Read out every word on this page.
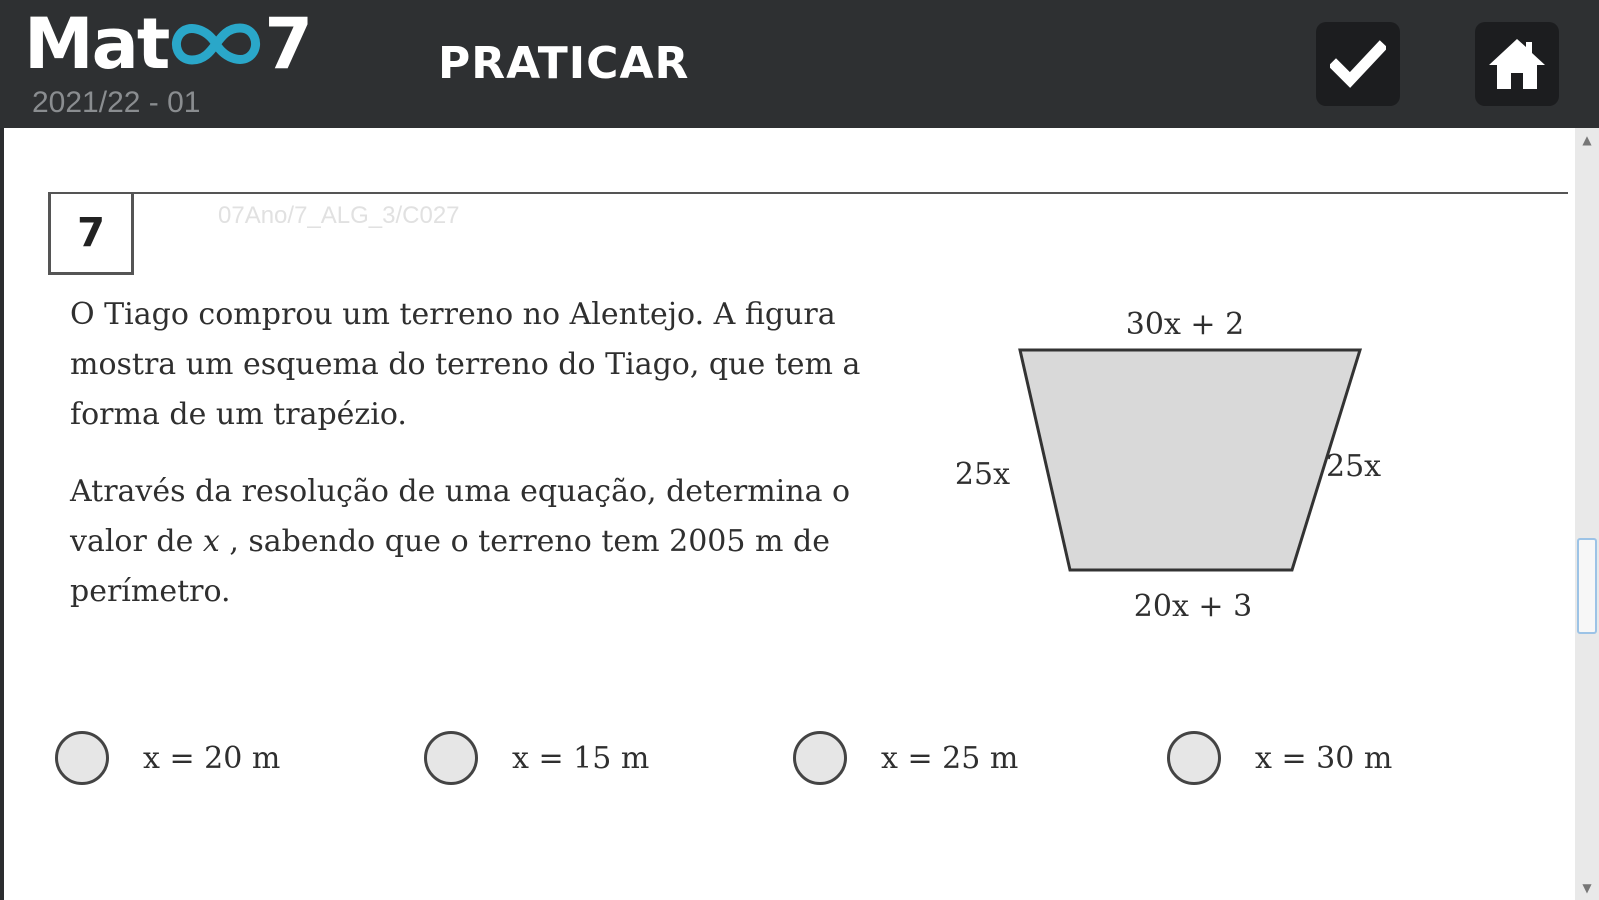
Mat 7
2021/22 - 01
PRATICAR
▲
▼
7	07Ano/7_ALG_3/C027
O Tiago comprou um terreno no Alentejo. A figura mostra um esquema do terreno do Tiago, que tem a forma de um trapézio.
Através da resolução de uma equação, determina o valor de x , sabendo que o terreno tem 2005 m de perímetro.
30x + 2
25x	25x
20x + 3
x = 20 m	x = 15 m	x = 25 m	x = 30 m
